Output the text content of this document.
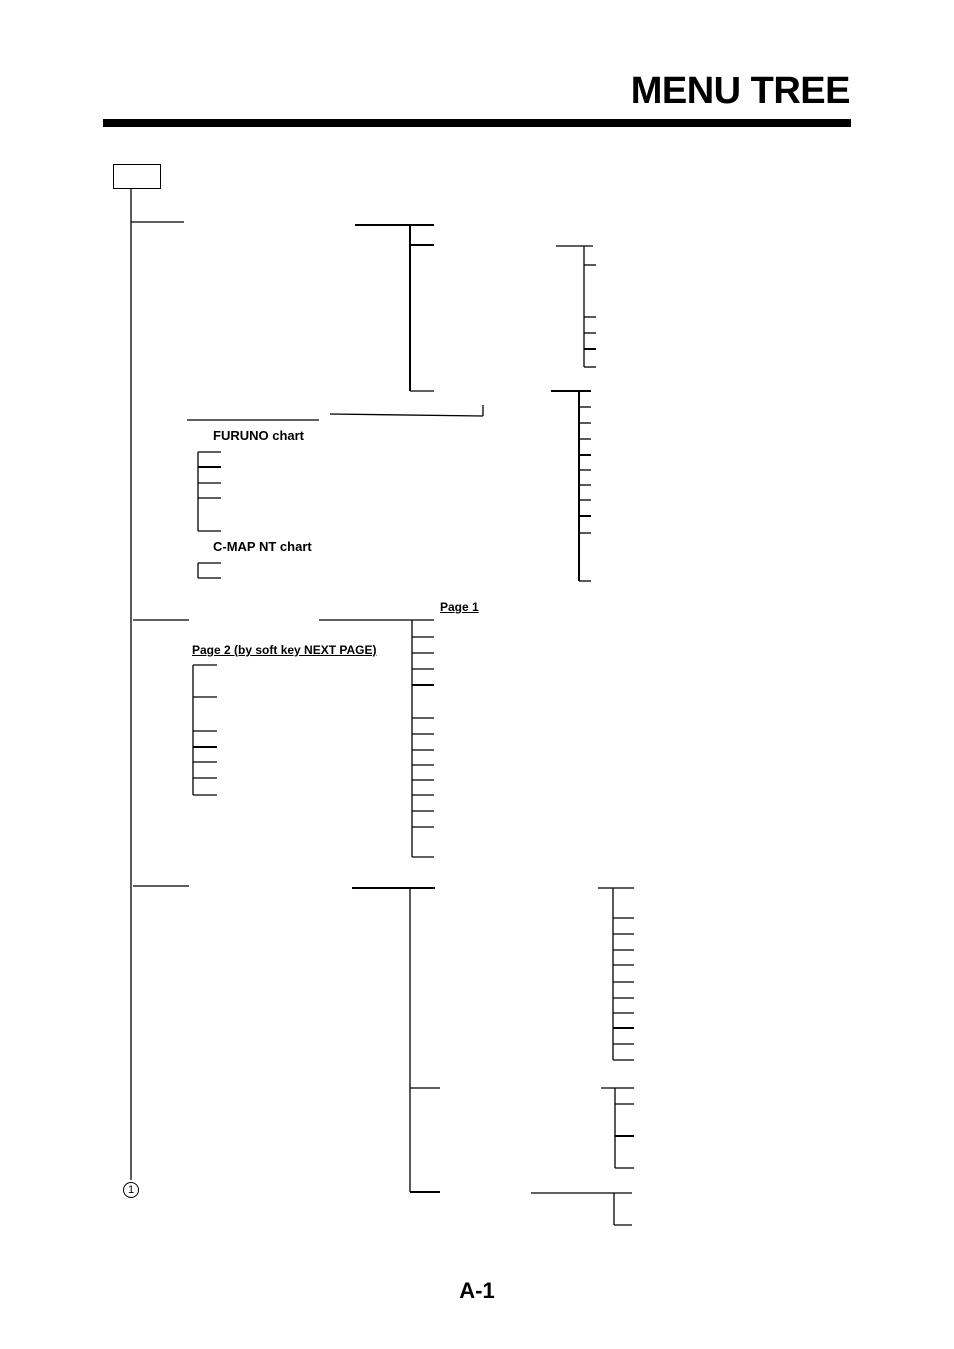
MENU TREE
FURUNO chart
C-MAP NT chart
Page 1
Page 2 (by soft key NEXT PAGE)
1
A-1
